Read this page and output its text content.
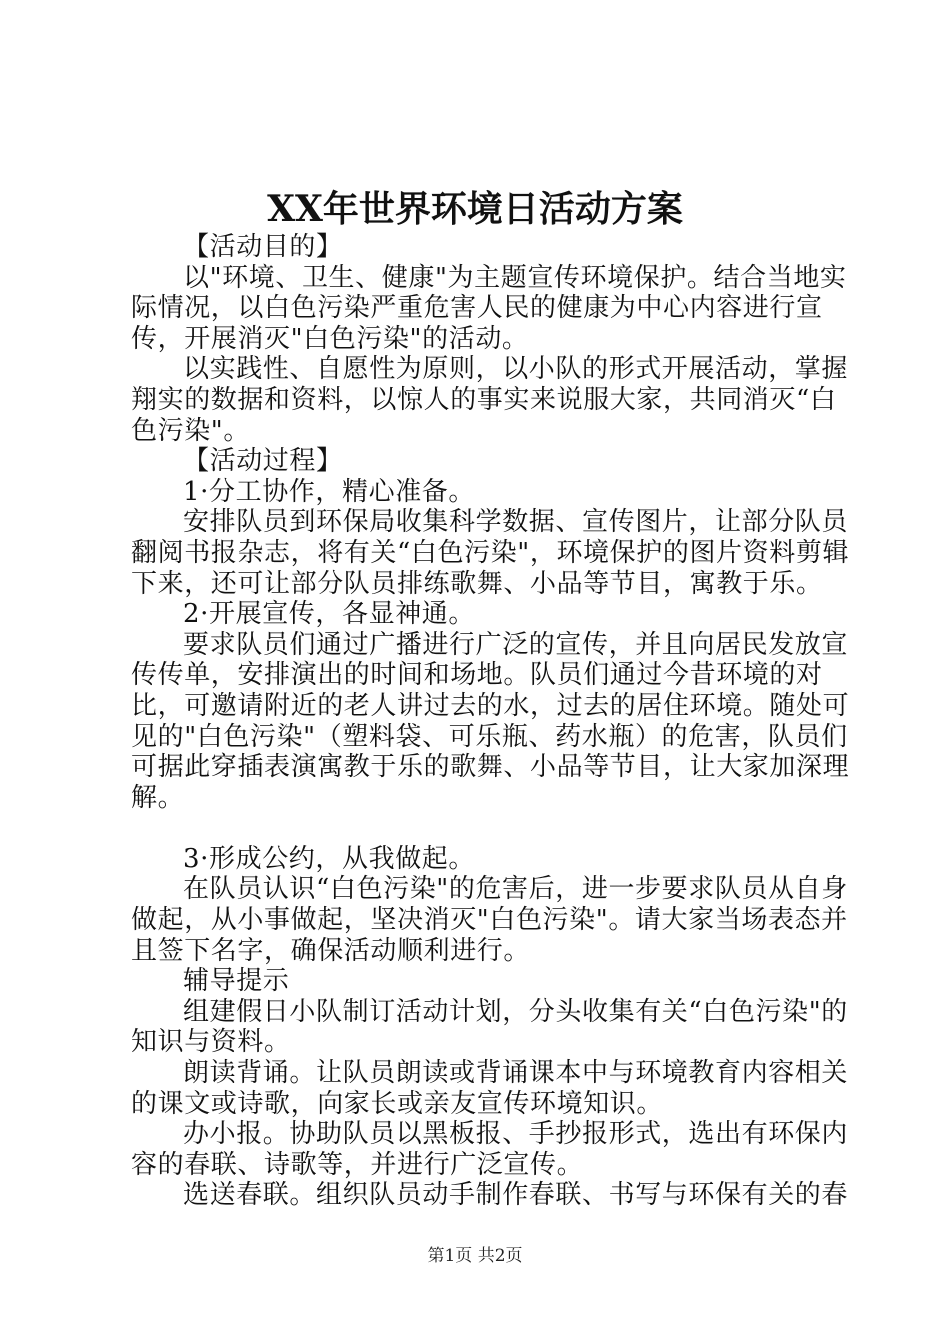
XX年世界环境日活动方案

【活动目的】

以"环境、卫生、健康"为主题宣传环境保护。结合当地实际情况，以白色污染严重危害人民的健康为中心内容进行宣传，开展消灭"白色污染"的活动。

以实践性、自愿性为原则，以小队的形式开展活动，掌握翔实的数据和资料，以惊人的事实来说服大家，共同消灭“白色污染"。

【活动过程】

1·分工协作，精心准备。

安排队员到环保局收集科学数据、宣传图片，让部分队员翻阅书报杂志，将有关“白色污染"，环境保护的图片资料剪辑下来，还可让部分队员排练歌舞、小品等节目，寓教于乐。

2·开展宣传，各显神通。

要求队员们通过广播进行广泛的宣传，并且向居民发放宣传传单，安排演出的时间和场地。队员们通过今昔环境的对比，可邀请附近的老人讲过去的水，过去的居住环境。随处可见的"白色污染"（塑料袋、可乐瓶、药水瓶）的危害，队员们可据此穿插表演寓教于乐的歌舞、小品等节目，让大家加深理解。

3·形成公约，从我做起。

在队员认识“白色污染"的危害后，进一步要求队员从自身做起，从小事做起，坚决消灭"白色污染"。请大家当场表态并且签下名字，确保活动顺利进行。

辅导提示

组建假日小队制订活动计划，分头收集有关“白色污染"的知识与资料。

朗读背诵。让队员朗读或背诵课本中与环境教育内容相关的课文或诗歌，向家长或亲友宣传环境知识。

办小报。协助队员以黑板报、手抄报形式，选出有环保内容的春联、诗歌等，并进行广泛宣传。

选送春联。组织队员动手制作春联、书写与环保有关的春

第1页 共2页
